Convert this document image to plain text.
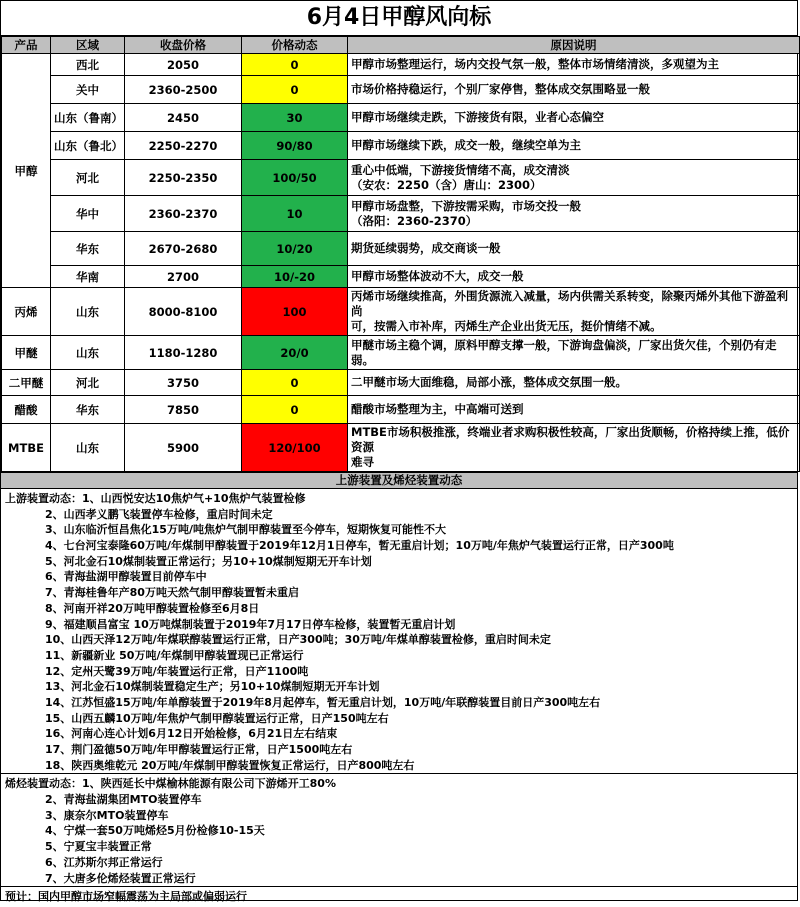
6月4日甲醇风向标
产品	区域	收盘价格	价格动态	原因说明
甲醇	西北	2050	0	甲醇市场整理运行，场内交投气氛一般，整体市场情绪清淡，多观望为主

	关中	2360-2500	0	市场价格持稳运行，个别厂家停售，整体成交氛围略显一般

	山东（鲁南）	2450	30	甲醇市场继续走跌，下游接货有限，业者心态偏空

	山东（鲁北）	2250-2270	90/80	甲醇市场继续下跌，成交一般，继续空单为主

	河北	2250-2350	100/50	重心中低端，下游接货情绪不高，成交清淡
（安农：2250（含）唐山：2300）

	华中	2360-2370	10	甲醇市场盘整，下游按需采购，市场交投一般
（洛阳：2360-2370）

	华东	2670-2680	10/20	期货延续弱势，成交商谈一般

	华南	2700	10/-20	甲醇市场整体波动不大，成交一般

丙烯	山东	8000-8100	100	丙烯市场继续推高，外围货源流入减量，场内供需关系转变，除聚丙烯外其他下游盈利尚
可，按需入市补库，丙烯生产企业出货无压，挺价情绪不减。

甲醚	山东	1180-1280	20/0	甲醚市场主稳个调，原料甲醇支撑一般，下游询盘偏淡，厂家出货欠佳，个别仍有走弱。

二甲醚	河北	3750	0	二甲醚市场大面维稳，局部小涨，整体成交氛围一般。

醋酸	华东	7850	0	醋酸市场整理为主，中高端可送到

MTBE	山东	5900	120/100	MTBE市场积极推涨，终端业者求购积极性较高，厂家出货顺畅，价格持续上推，低价资源
难寻
上游装置及烯烃装置动态
上游装置动态：1、山西悦安达10焦炉气+10焦炉气装置检修
2、山西孝义鹏飞装置停车检修，重启时间未定
3、山东临沂恒昌焦化15万吨/吨焦炉气制甲醇装置至今停车，短期恢复可能性不大
4、七台河宝泰隆60万吨/年煤制甲醇装置于2019年12月1日停车，暂无重启计划；10万吨/年焦炉气装置运行正常，日产300吨
5、河北金石10煤制装置正常运行；另10+10煤制短期无开车计划
6、青海盐湖甲醇装置目前停车中
7、青海桂鲁年产80万吨天然气制甲醇装置暂未重启
8、河南开祥20万吨甲醇装置检修至6月8日
9、福建顺昌富宝 10万吨煤制装置于2019年7月17日停车检修，装置暂无重启计划
10、山西天泽12万吨/年煤联醇装置运行正常，日产300吨；30万吨/年煤单醇装置检修，重启时间未定
11、新疆新业 50万吨/年煤制甲醇装置现已正常运行
12、定州天鹭39万吨/年装置运行正常，日产1100吨
13、河北金石10煤制装置稳定生产；另10+10煤制短期无开车计划
14、江苏恒盛15万吨/年单醇装置于2019年8月起停车，暂无重启计划，10万吨/年联醇装置目前日产300吨左右
15、山西五麟10万吨/年焦炉气制甲醇装置运行正常，日产150吨左右
16、河南心连心计划6月12日开始检修，6月21日左右结束
17、荆门盈德50万吨/年甲醇装置运行正常，日产1500吨左右
18、陕西奥维乾元 20万吨/年煤制甲醇装置恢复正常运行，日产800吨左右
烯烃装置动态：1、陕西延长中煤榆林能源有限公司下游烯开工80%
2、青海盐湖集团MTO装置停车
3、康奈尔MTO装置停车
4、宁煤一套50万吨烯烃5月份检修10-15天
5、宁夏宝丰装置正常
6、江苏斯尔邦正常运行
7、大唐多伦烯烃装置正常运行
预计：国内甲醇市场窄幅震荡为主局部或偏弱运行
